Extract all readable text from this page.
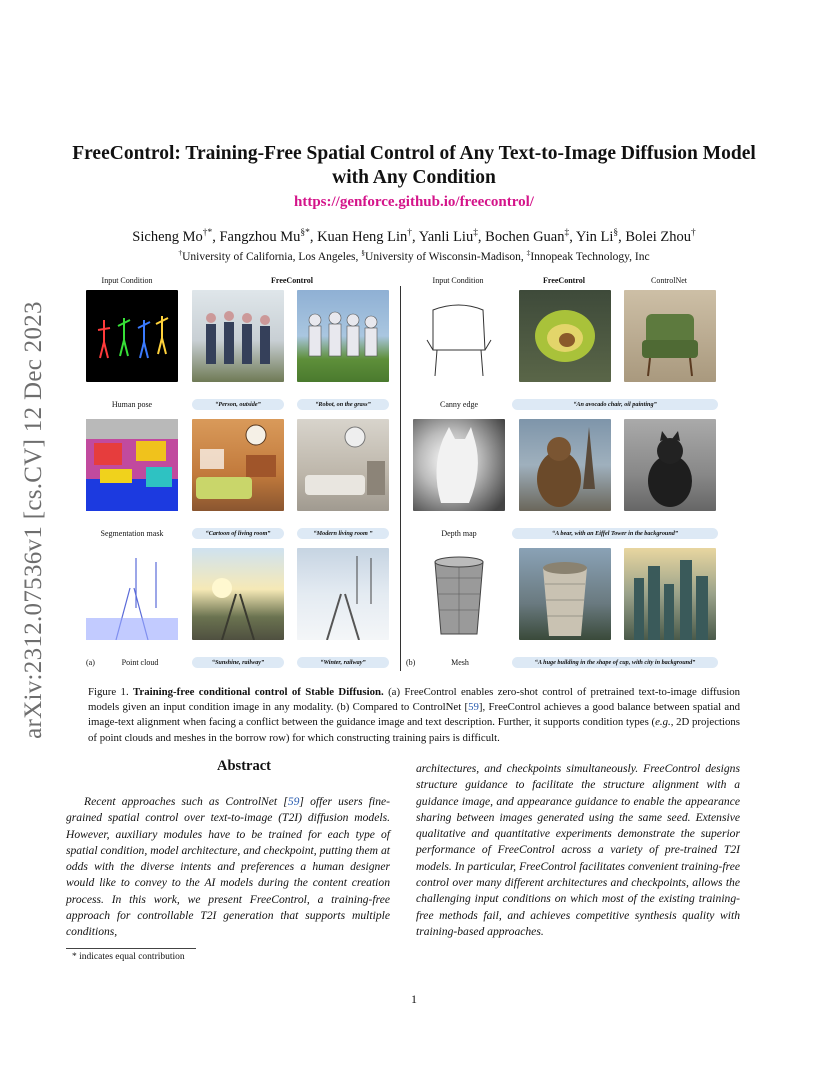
arXiv:2312.07536v1 [cs.CV] 12 Dec 2023
FreeControl: Training-Free Spatial Control of Any Text-to-Image Diffusion Model with Any Condition
https://genforce.github.io/freecontrol/
Sicheng Mo†*, Fangzhou Mu§*, Kuan Heng Lin†, Yanli Liu‡, Bochen Guan‡, Yin Li§, Bolei Zhou†
†University of California, Los Angeles, §University of Wisconsin-Madison, ‡Innopeak Technology, Inc
Input Condition	FreeControl	Input Condition	FreeControl	ControlNet
Human pose	“Person, outside”	“Robot, on the grass”
Segmentation mask	“Cartoon of living room”	“Modern living room ”
(a)	Point cloud	“Sunshine, railway”	“Winter, railway”
Canny edge	“An avocado chair, oil painting”
Depth map	“A bear, with an Eiffel Tower in the background”
(b)	Mesh	“A huge building in the shape of cup, with city in background”
Figure 1. Training-free conditional control of Stable Diffusion. (a) FreeControl enables zero-shot control of pretrained text-to-image diffusion models given an input condition image in any modality. (b) Compared to ControlNet [59], FreeControl achieves a good balance between spatial and image-text alignment when facing a conflict between the guidance image and text description. Further, it supports condition types (e.g., 2D projections of point clouds and meshes in the borrow row) for which constructing training pairs is difficult.
Abstract
Recent approaches such as ControlNet [59] offer users fine-grained spatial control over text-to-image (T2I) diffusion models. However, auxiliary modules have to be trained for each type of spatial condition, model architecture, and checkpoint, putting them at odds with the diverse intents and preferences a human designer would like to convey to the AI models during the content creation process. In this work, we present FreeControl, a training-free approach for controllable T2I generation that supports multiple conditions,
architectures, and checkpoints simultaneously. FreeControl designs structure guidance to facilitate the structure alignment with a guidance image, and appearance guidance to enable the appearance sharing between images generated using the same seed. Extensive qualitative and quantitative experiments demonstrate the superior performance of FreeControl across a variety of pre-trained T2I models. In particular, FreeControl facilitates convenient training-free control over many different architectures and checkpoints, allows the challenging input conditions on which most of the existing training-free methods fail, and achieves competitive synthesis quality with training-based approaches.
* indicates equal contribution
1
